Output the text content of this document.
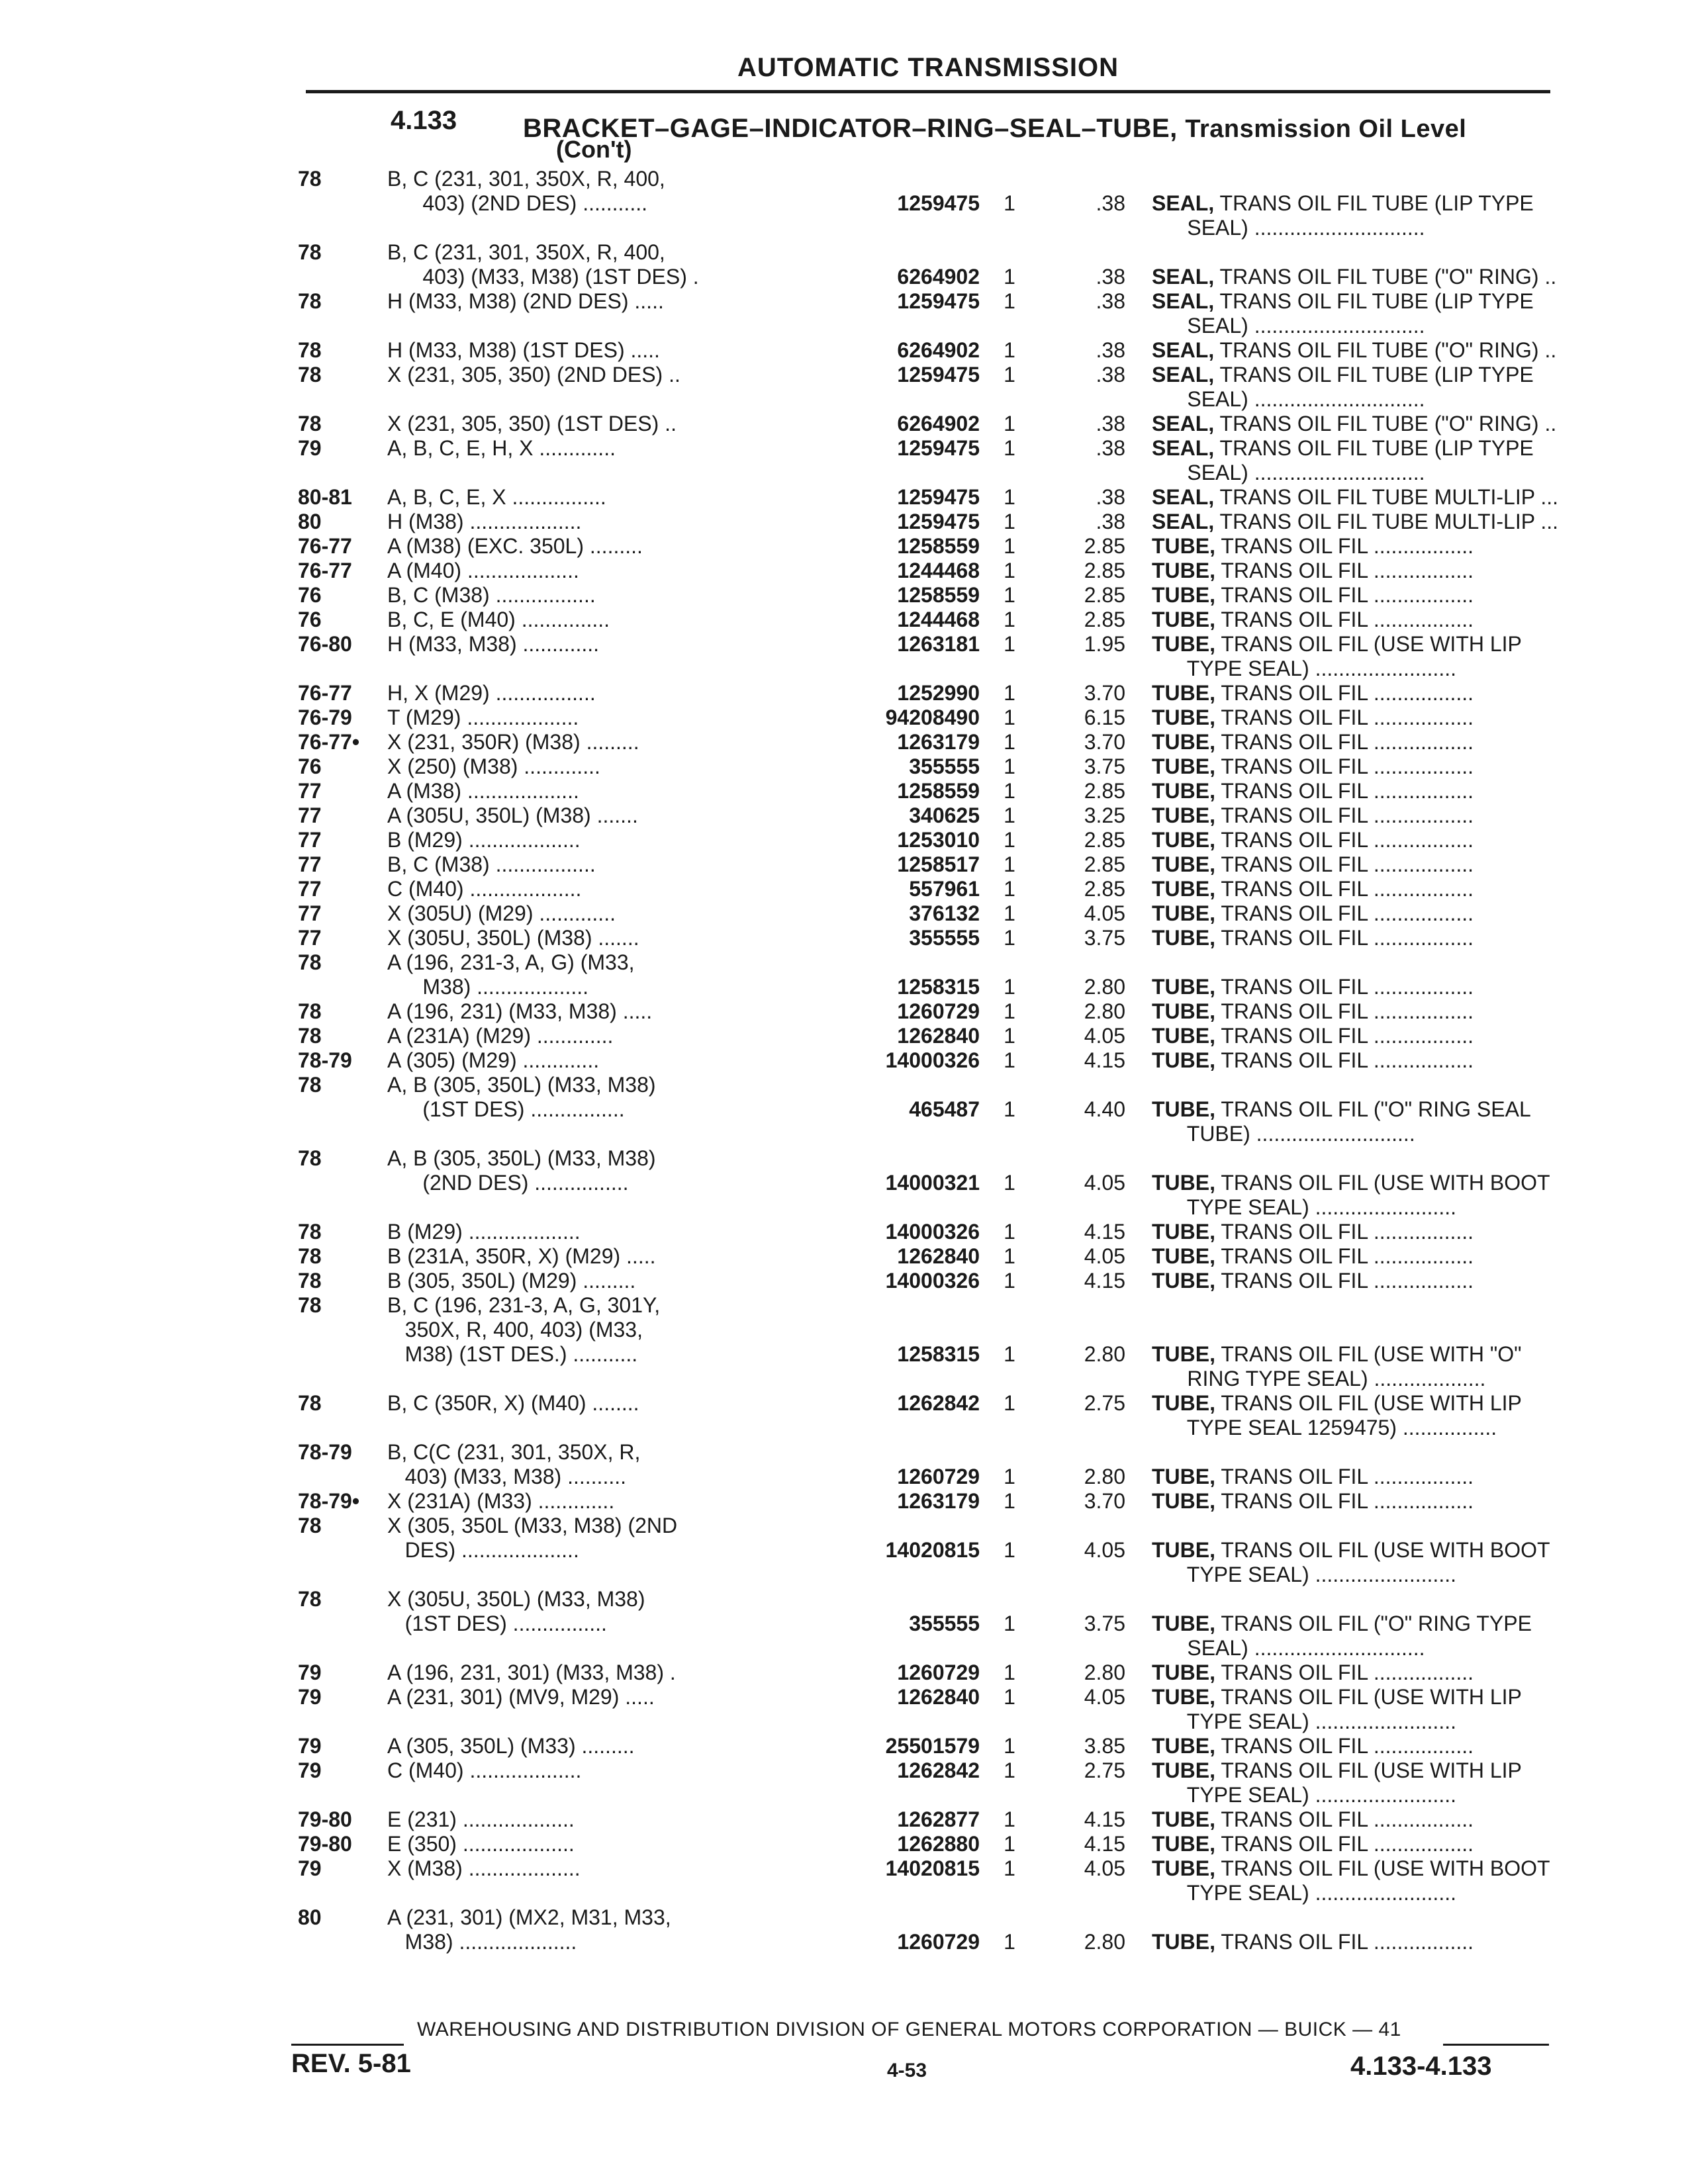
AUTOMATIC TRANSMISSION
4.133 BRACKET–GAGE–INDICATOR–RING–SEAL–TUBE, Transmission Oil Level
(Con't)
78	B, C (231, 301, 350X, R, 400,
403) (2ND DES) ...........	1259475	1	.38 SEAL, TRANS OIL FIL TUBE (LIP TYPE
SEAL) .............................
78	B, C (231, 301, 350X, R, 400,
403) (M33, M38) (1ST DES) .	6264902	1	.38 SEAL, TRANS OIL FIL TUBE ("O" RING) ..
78	H (M33, M38) (2ND DES) .....	1259475	1	.38 SEAL, TRANS OIL FIL TUBE (LIP TYPE
SEAL) .............................
78	H (M33, M38) (1ST DES) .....	6264902	1	.38 SEAL, TRANS OIL FIL TUBE ("O" RING) ..
78	X (231, 305, 350) (2ND DES) ..	1259475	1	.38 SEAL, TRANS OIL FIL TUBE (LIP TYPE
SEAL) .............................
78	X (231, 305, 350) (1ST DES) ..	6264902	1	.38 SEAL, TRANS OIL FIL TUBE ("O" RING) ..
79	A, B, C, E, H, X .............	1259475	1	.38 SEAL, TRANS OIL FIL TUBE (LIP TYPE
SEAL) .............................
80-81	A, B, C, E, X ................	1259475	1	.38 SEAL, TRANS OIL FIL TUBE MULTI-LIP ...
80	H (M38) ...................	1259475	1	.38 SEAL, TRANS OIL FIL TUBE MULTI-LIP ...
76-77	A (M38) (EXC. 350L) .........	1258559	1	2.85 TUBE, TRANS OIL FIL .................
76-77	A (M40) ...................	1244468	1	2.85 TUBE, TRANS OIL FIL .................
76	B, C (M38) .................	1258559	1	2.85 TUBE, TRANS OIL FIL .................
76	B, C, E (M40) ...............	1244468	1	2.85 TUBE, TRANS OIL FIL .................
76-80	H (M33, M38) .............	1263181	1	1.95 TUBE, TRANS OIL FIL (USE WITH LIP
TYPE SEAL) ........................
76-77	H, X (M29) .................	1252990	1	3.70 TUBE, TRANS OIL FIL .................
76-79	T (M29) ...................	94208490	1	6.15 TUBE, TRANS OIL FIL .................
76-77•	X (231, 350R) (M38) .........	1263179	1	3.70 TUBE, TRANS OIL FIL .................
76	X (250) (M38) .............	355555	1	3.75 TUBE, TRANS OIL FIL .................
77	A (M38) ...................	1258559	1	2.85 TUBE, TRANS OIL FIL .................
77	A (305U, 350L) (M38) .......	340625	1	3.25 TUBE, TRANS OIL FIL .................
77	B (M29) ...................	1253010	1	2.85 TUBE, TRANS OIL FIL .................
77	B, C (M38) .................	1258517	1	2.85 TUBE, TRANS OIL FIL .................
77	C (M40) ...................	557961	1	2.85 TUBE, TRANS OIL FIL .................
77	X (305U) (M29) .............	376132	1	4.05 TUBE, TRANS OIL FIL .................
77	X (305U, 350L) (M38) .......	355555	1	3.75 TUBE, TRANS OIL FIL .................
78	A (196, 231-3, A, G) (M33,
M38) ...................	1258315	1	2.80 TUBE, TRANS OIL FIL .................
78	A (196, 231) (M33, M38) .....	1260729	1	2.80 TUBE, TRANS OIL FIL .................
78	A (231A) (M29) .............	1262840	1	4.05 TUBE, TRANS OIL FIL .................
78-79	A (305) (M29) .............	14000326	1	4.15 TUBE, TRANS OIL FIL .................
78	A, B (305, 350L) (M33, M38)
(1ST DES) ................	465487	1	4.40 TUBE, TRANS OIL FIL ("O" RING SEAL
TUBE) ...........................
78	A, B (305, 350L) (M33, M38)
(2ND DES) ................	14000321	1	4.05 TUBE, TRANS OIL FIL (USE WITH BOOT
TYPE SEAL) ........................
78	B (M29) ...................	14000326	1	4.15 TUBE, TRANS OIL FIL .................
78	B (231A, 350R, X) (M29) .....	1262840	1	4.05 TUBE, TRANS OIL FIL .................
78	B (305, 350L) (M29) .........	14000326	1	4.15 TUBE, TRANS OIL FIL .................
78	B, C (196, 231-3, A, G, 301Y,
350X, R, 400, 403) (M33,
M38) (1ST DES.) ...........	1258315	1	2.80 TUBE, TRANS OIL FIL (USE WITH "O"
RING TYPE SEAL) ...................
78	B, C (350R, X) (M40) ........	1262842	1	2.75 TUBE, TRANS OIL FIL (USE WITH LIP
TYPE SEAL 1259475) ................
78-79	B, C(C (231, 301, 350X, R,
403) (M33, M38) ..........	1260729	1	2.80 TUBE, TRANS OIL FIL .................
78-79•	X (231A) (M33) .............	1263179	1	3.70 TUBE, TRANS OIL FIL .................
78	X (305, 350L (M33, M38) (2ND
DES) ....................	14020815	1	4.05 TUBE, TRANS OIL FIL (USE WITH BOOT
TYPE SEAL) ........................
78	X (305U, 350L) (M33, M38)
(1ST DES) ................	355555	1	3.75 TUBE, TRANS OIL FIL ("O" RING TYPE
SEAL) .............................
79	A (196, 231, 301) (M33, M38) .	1260729	1	2.80 TUBE, TRANS OIL FIL .................
79	A (231, 301) (MV9, M29) .....	1262840	1	4.05 TUBE, TRANS OIL FIL (USE WITH LIP
TYPE SEAL) ........................
79	A (305, 350L) (M33) .........	25501579	1	3.85 TUBE, TRANS OIL FIL .................
79	C (M40) ...................	1262842	1	2.75 TUBE, TRANS OIL FIL (USE WITH LIP
TYPE SEAL) ........................
79-80	E (231) ...................	1262877	1	4.15 TUBE, TRANS OIL FIL .................
79-80	E (350) ...................	1262880	1	4.15 TUBE, TRANS OIL FIL .................
79	X (M38) ...................	14020815	1	4.05 TUBE, TRANS OIL FIL (USE WITH BOOT
TYPE SEAL) ........................
80	A (231, 301) (MX2, M31, M33,
M38) ....................	1260729	1	2.80 TUBE, TRANS OIL FIL .................
WAREHOUSING AND DISTRIBUTION DIVISION OF GENERAL MOTORS CORPORATION — BUICK — 41
REV. 5-81	4-53	4.133-4.133
